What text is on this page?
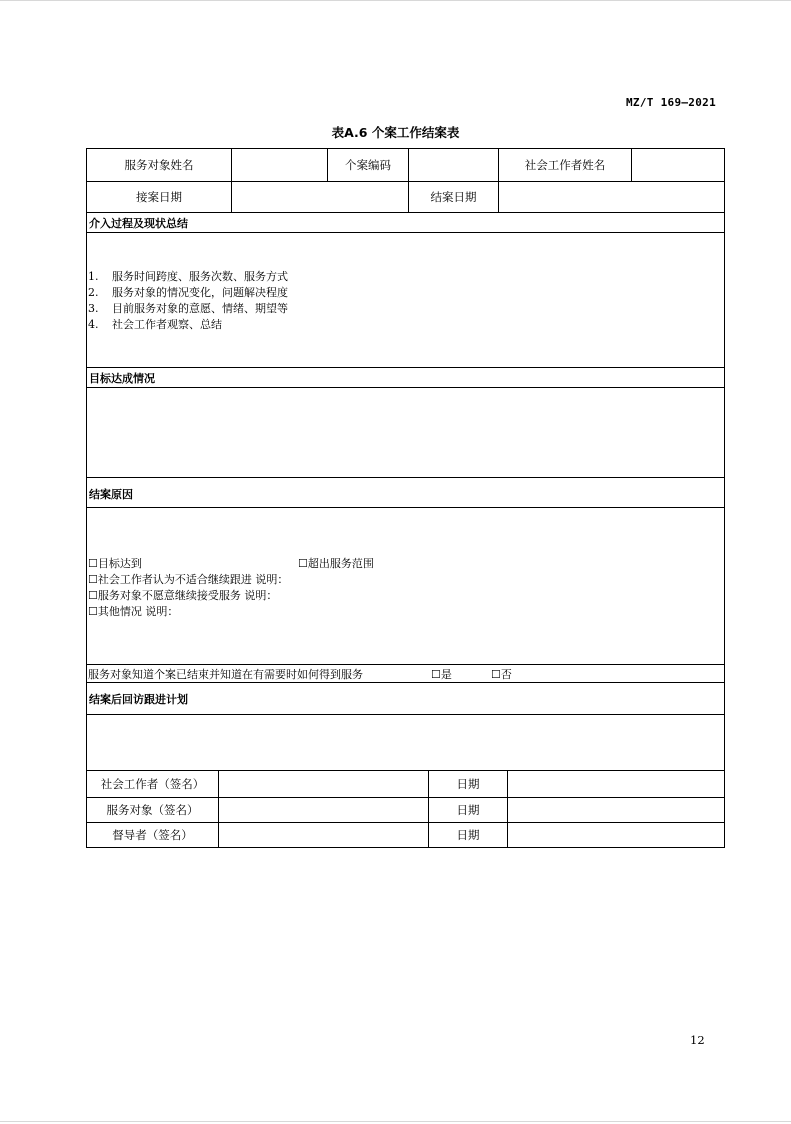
MZ/T 169—2021
表A.6 个案工作结案表
服务对象姓名	个案编码	社会工作者姓名
接案日期	结案日期
介入过程及现状总结
1. 服务时间跨度、服务次数、服务方式
2. 服务对象的情况变化，问题解决程度
3. 目前服务对象的意愿、情绪、期望等
4. 社会工作者观察、总结
目标达成情况
结案原因
☐目标达到	☐超出服务范围
☐社会工作者认为不适合继续跟进 说明：
☐服务对象不愿意继续接受服务 说明：
☐其他情况 说明：
服务对象知道个案已结束并知道在有需要时如何得到服务	☐是	☐否
结案后回访跟进计划
社会工作者（签名）	日期
服务对象（签名）	日期
督导者（签名）	日期
12
